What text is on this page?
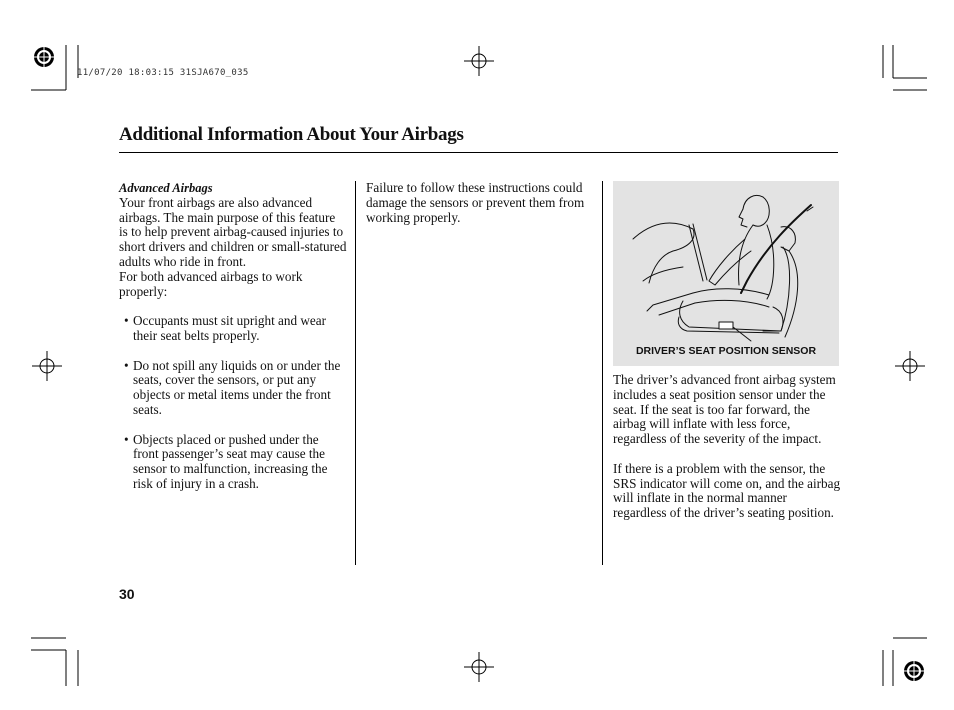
11/07/20 18:03:15 31SJA670_035
Additional Information About Your Airbags

Advanced Airbags

Your front airbags are also advanced airbags. The main purpose of this feature is to help prevent airbag-caused injuries to short drivers and children or small-statured adults who ride in front.

For both advanced airbags to work properly:

• Occupants must sit upright and wear their seat belts properly.
• Do not spill any liquids on or under the seats, cover the sensors, or put any objects or metal items under the front seats.
• Objects placed or pushed under the front passenger’s seat may cause the sensor to malfunction, increasing the risk of injury in a crash.

Failure to follow these instructions could damage the sensors or prevent them from working properly.

DRIVER’S SEAT POSITION SENSOR

The driver’s advanced front airbag system includes a seat position sensor under the seat. If the seat is too far forward, the airbag will inflate with less force, regardless of the severity of the impact.

If there is a problem with the sensor, the SRS indicator will come on, and the airbag will inflate in the normal manner regardless of the driver’s seating position.

30
